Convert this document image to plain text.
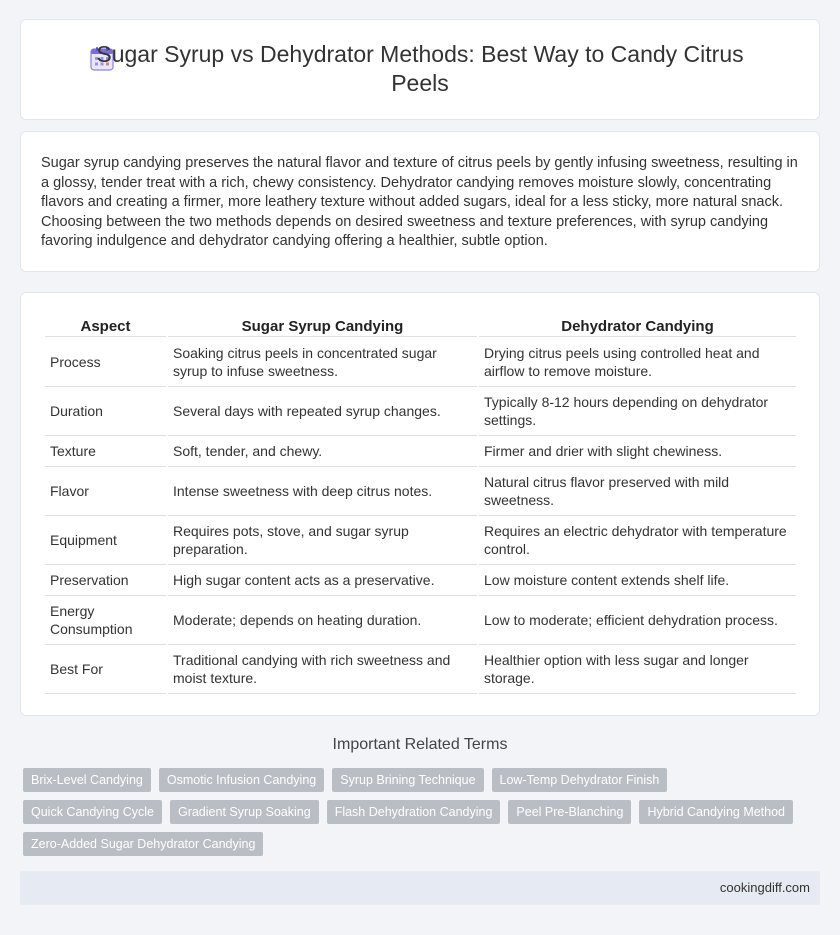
Sugar Syrup vs Dehydrator Methods: Best Way to Candy Citrus Peels

Sugar syrup candying preserves the natural flavor and texture of citrus peels by gently infusing sweetness, resulting in a glossy, tender treat with a rich, chewy consistency. Dehydrator candying removes moisture slowly, concentrating flavors and creating a firmer, more leathery texture without added sugars, ideal for a less sticky, more natural snack. Choosing between the two methods depends on desired sweetness and texture preferences, with syrup candying favoring indulgence and dehydrator candying offering a healthier, subtle option.

Aspect	Sugar Syrup Candying	Dehydrator Candying
Process	Soaking citrus peels in concentrated sugar syrup to infuse sweetness.	Drying citrus peels using controlled heat and airflow to remove moisture.
Duration	Several days with repeated syrup changes.	Typically 8-12 hours depending on dehydrator settings.
Texture	Soft, tender, and chewy.	Firmer and drier with slight chewiness.
Flavor	Intense sweetness with deep citrus notes.	Natural citrus flavor preserved with mild sweetness.
Equipment	Requires pots, stove, and sugar syrup preparation.	Requires an electric dehydrator with temperature control.
Preservation	High sugar content acts as a preservative.	Low moisture content extends shelf life.
Energy Consumption	Moderate; depends on heating duration.	Low to moderate; efficient dehydration process.
Best For	Traditional candying with rich sweetness and moist texture.	Healthier option with less sugar and longer storage.
Important Related Terms
Brix-Level Candying	Osmotic Infusion Candying	Syrup Brining Technique	Low-Temp Dehydrator Finish
Quick Candying Cycle	Gradient Syrup Soaking	Flash Dehydration Candying	Peel Pre-Blanching	Hybrid Candying Method
Zero-Added Sugar Dehydrator Candying
cookingdiff.com
